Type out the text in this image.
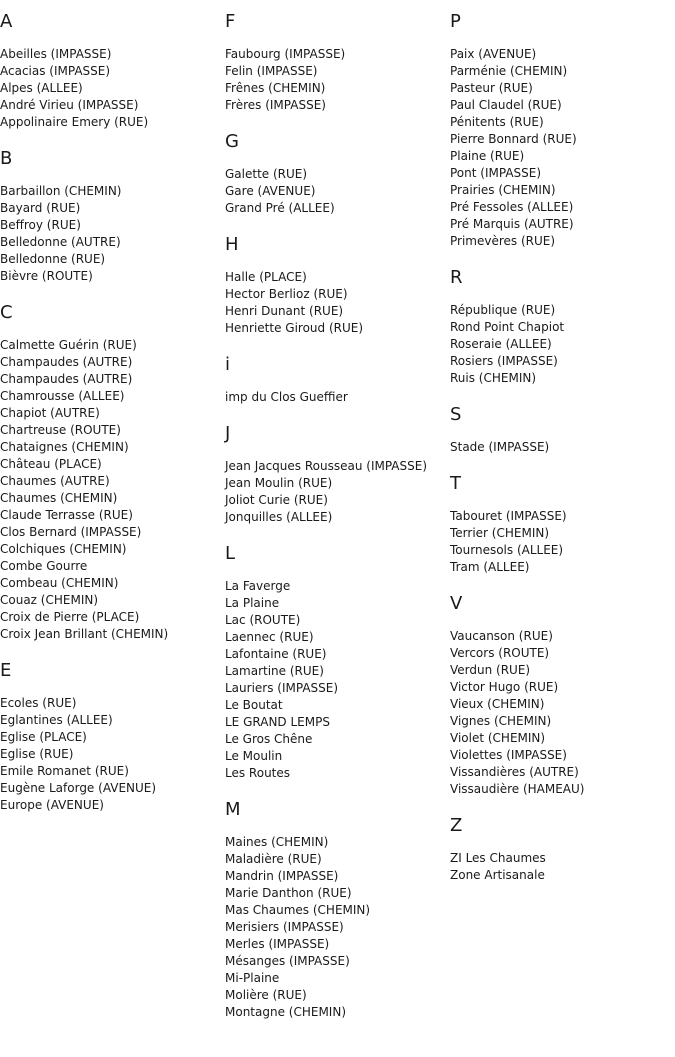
A
Abeilles (IMPASSE)
Acacias (IMPASSE)
Alpes (ALLEE)
André Virieu (IMPASSE)
Appolinaire Emery (RUE)
B
Barbaillon (CHEMIN)
Bayard (RUE)
Beffroy (RUE)
Belledonne (AUTRE)
Belledonne (RUE)
Bièvre (ROUTE)
C
Calmette Guérin (RUE)
Champaudes (AUTRE)
Champaudes (AUTRE)
Chamrousse (ALLEE)
Chapiot (AUTRE)
Chartreuse (ROUTE)
Chataignes (CHEMIN)
Château (PLACE)
Chaumes (AUTRE)
Chaumes (CHEMIN)
Claude Terrasse (RUE)
Clos Bernard (IMPASSE)
Colchiques (CHEMIN)
Combe Gourre
Combeau (CHEMIN)
Couaz (CHEMIN)
Croix de Pierre (PLACE)
Croix Jean Brillant (CHEMIN)
E
Ecoles (RUE)
Eglantines (ALLEE)
Eglise (PLACE)
Eglise (RUE)
Emile Romanet (RUE)
Eugène Laforge (AVENUE)
Europe (AVENUE)
F
Faubourg (IMPASSE)
Felin (IMPASSE)
Frênes (CHEMIN)
Frères (IMPASSE)
G
Galette (RUE)
Gare (AVENUE)
Grand Pré (ALLEE)
H
Halle (PLACE)
Hector Berlioz (RUE)
Henri Dunant (RUE)
Henriette Giroud (RUE)
i
imp du Clos Gueffier
J
Jean Jacques Rousseau (IMPASSE)
Jean Moulin (RUE)
Joliot Curie (RUE)
Jonquilles (ALLEE)
L
La Faverge
La Plaine
Lac (ROUTE)
Laennec (RUE)
Lafontaine (RUE)
Lamartine (RUE)
Lauriers (IMPASSE)
Le Boutat
LE GRAND LEMPS
Le Gros Chêne
Le Moulin
Les Routes
M
Maines (CHEMIN)
Maladière (RUE)
Mandrin (IMPASSE)
Marie Danthon (RUE)
Mas Chaumes (CHEMIN)
Merisiers (IMPASSE)
Merles (IMPASSE)
Mésanges (IMPASSE)
Mi-Plaine
Molière (RUE)
Montagne (CHEMIN)
P
Paix (AVENUE)
Parménie (CHEMIN)
Pasteur (RUE)
Paul Claudel (RUE)
Pénitents (RUE)
Pierre Bonnard (RUE)
Plaine (RUE)
Pont (IMPASSE)
Prairies (CHEMIN)
Pré Fessoles (ALLEE)
Pré Marquis (AUTRE)
Primevères (RUE)
R
République (RUE)
Rond Point Chapiot
Roseraie (ALLEE)
Rosiers (IMPASSE)
Ruis (CHEMIN)
S
Stade (IMPASSE)
T
Tabouret (IMPASSE)
Terrier (CHEMIN)
Tournesols (ALLEE)
Tram (ALLEE)
V
Vaucanson (RUE)
Vercors (ROUTE)
Verdun (RUE)
Victor Hugo (RUE)
Vieux (CHEMIN)
Vignes (CHEMIN)
Violet (CHEMIN)
Violettes (IMPASSE)
Vissandières (AUTRE)
Vissaudière (HAMEAU)
Z
ZI Les Chaumes
Zone Artisanale
